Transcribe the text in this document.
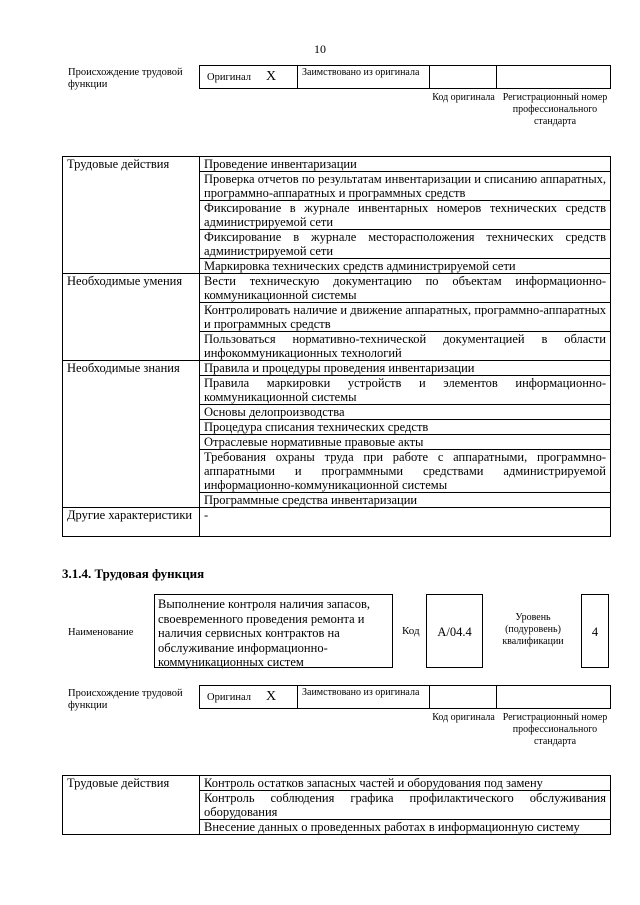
10
Происхождение трудовой функции
Оригинал X	Заимствовано из оригинала
Код оригинала Регистрационный номер профессионального стандарта
Трудовые действия	Проведение инвентаризации
	Проверка отчетов по результатам инвентаризации и списанию аппаратных, программно-аппаратных и программных средств
	Фиксирование в журнале инвентарных номеров технических средств администрируемой сети
	Фиксирование в журнале месторасположения технических средств администрируемой сети
	Маркировка технических средств администрируемой сети
Необходимые умения	Вести техническую документацию по объектам информационно-коммуникационной системы
	Контролировать наличие и движение аппаратных, программно-аппаратных и программных средств
	Пользоваться нормативно-технической документацией в области инфокоммуникационных технологий
Необходимые знания	Правила и процедуры проведения инвентаризации
	Правила маркировки устройств и элементов информационно-коммуникационной системы
	Основы делопроизводства
	Процедура списания технических средств
	Отраслевые нормативные правовые акты
	Требования охраны труда при работе с аппаратными, программно-аппаратными и программными средствами администрируемой информационно-коммуникационной системы
	Программные средства инвентаризации
Другие характеристики	-
3.1.4. Трудовая функция
Наименование
Выполнение контроля наличия запасов, своевременного проведения ремонта и наличия сервисных контрактов на обслуживание информационно-коммуникационных систем
Код	А/04.4
Уровень (подуровень) квалификации
4
Происхождение трудовой функции
Оригинал X	Заимствовано из оригинала
Код оригинала Регистрационный номер профессионального стандарта
Трудовые действия	Контроль остатков запасных частей и оборудования под замену
Контроль соблюдения графика профилактического обслуживания оборудования
Внесение данных о проведенных работах в информационную систему
